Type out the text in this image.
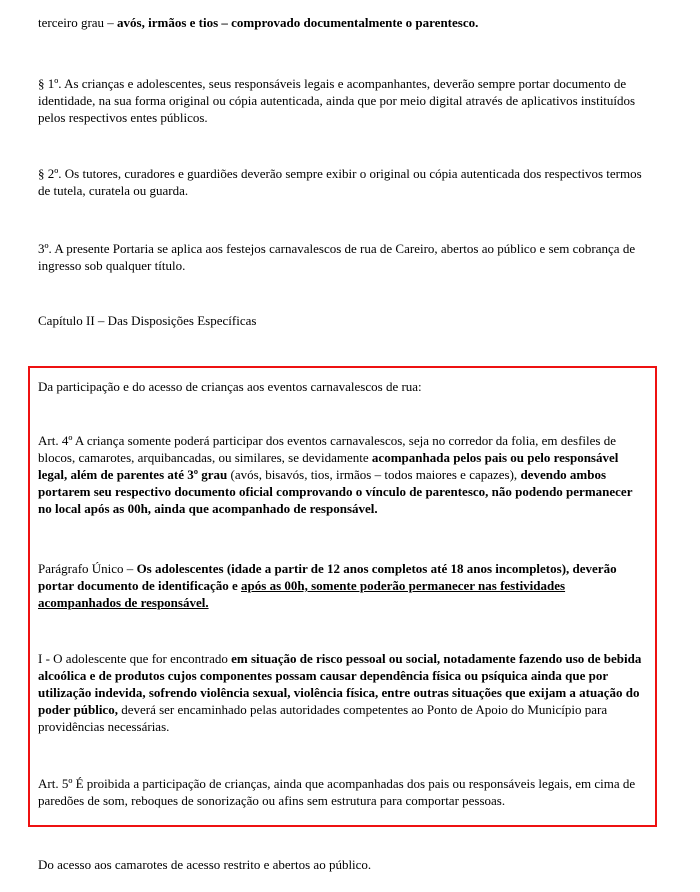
terceiro grau – avós, irmãos e tios – comprovado documentalmente o parentesco.

§ 1º. As crianças e adolescentes, seus responsáveis legais e acompanhantes, deverão sempre portar documento de identidade, na sua forma original ou cópia autenticada, ainda que por meio digital através de aplicativos instituídos pelos respectivos entes públicos.

§ 2º. Os tutores, curadores e guardiões deverão sempre exibir o original ou cópia autenticada dos respectivos termos de tutela, curatela ou guarda.

3º. A presente Portaria se aplica aos festejos carnavalescos de rua de Careiro, abertos ao público e sem cobrança de ingresso sob qualquer título.

Capítulo II – Das Disposições Específicas

Da participação e do acesso de crianças aos eventos carnavalescos de rua:

Art. 4º A criança somente poderá participar dos eventos carnavalescos, seja no corredor da folia, em desfiles de blocos, camarotes, arquibancadas, ou similares, se devidamente acompanhada pelos pais ou pelo responsável legal, além de parentes até 3º grau (avós, bisavós, tios, irmãos – todos maiores e capazes), devendo ambos portarem seu respectivo documento oficial comprovando o vínculo de parentesco, não podendo permanecer no local após as 00h, ainda que acompanhado de responsável.

Parágrafo Único – Os adolescentes (idade a partir de 12 anos completos até 18 anos incompletos), deverão portar documento de identificação e após as 00h, somente poderão permanecer nas festividades acompanhados de responsável.

I - O adolescente que for encontrado em situação de risco pessoal ou social, notadamente fazendo uso de bebida alcoólica e de produtos cujos componentes possam causar dependência física ou psíquica ainda que por utilização indevida, sofrendo violência sexual, violência física, entre outras situações que exijam a atuação do poder público, deverá ser encaminhado pelas autoridades competentes ao Ponto de Apoio do Município para providências necessárias.

Art. 5º É proibida a participação de crianças, ainda que acompanhadas dos pais ou responsáveis legais, em cima de paredões de som, reboques de sonorização ou afins sem estrutura para comportar pessoas.

Do acesso aos camarotes de acesso restrito e abertos ao público.
